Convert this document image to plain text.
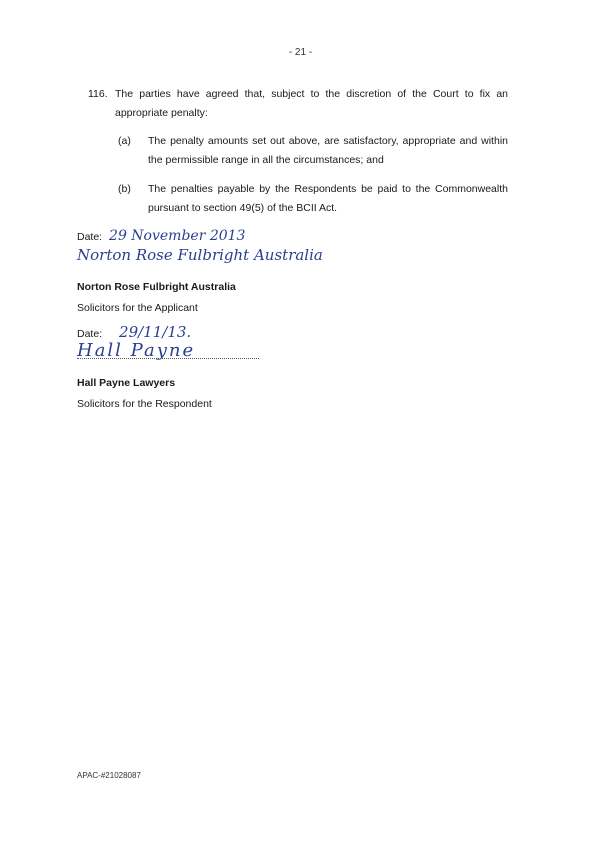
- 21 -
116. The parties have agreed that, subject to the discretion of the Court to fix an appropriate penalty:
(a) The penalty amounts set out above, are satisfactory, appropriate and within the permissible range in all the circumstances; and
(b) The penalties payable by the Respondents be paid to the Commonwealth pursuant to section 49(5) of the BCII Act.
Date: 29 November 2013
Norton Rose Fulbright Australia
Norton Rose Fulbright Australia
Solicitors for the Applicant
Date: 29/11/13.
Hall Payne
Hall Payne Lawyers
Solicitors for the Respondent
APAC-#21028087
